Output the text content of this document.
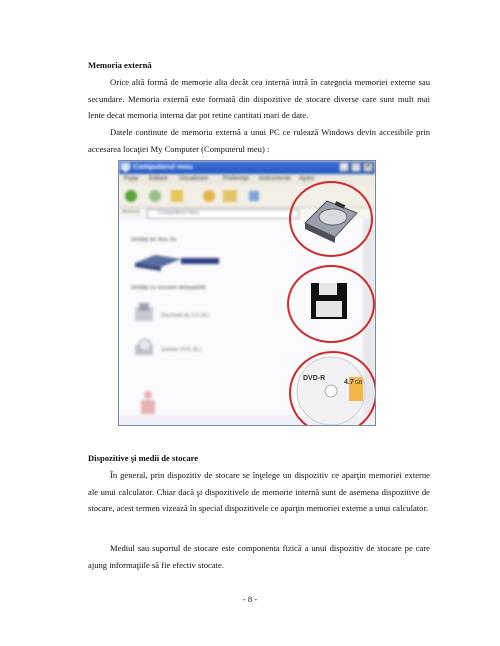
Memoria externă
Orice altă formă de memorie alta decât cea internă intră în categoria memoriei externe sau secundare. Memoria externă este formată din dispozitive de stocare diverse care sunt mult mai lente decat memoria interna dar pot retine cantitati mari de date.
Datele continute de memoria externă a unui PC ce rulează Windows devin accesibile prin accesarea locaţiei My Computer (Computerul meu) :
Computerul meu	_	□	X
Fişier Editare Vizualizare Preferinţe Instrumente Ajutor
Adresă	Computerul meu
Unităţi de disc fix
Unităţi cu stocare detaşabilă
Dischetă de 3,5 (A:)
Unitate DVD (E:)
DVD-R
4.7 GB
Dispozitive şi medii de stocare
În general, prin dispozitiv de stocare se înţelege un dispozitiv ce aparţin memoriei externe ale unui calculator. Chiar dacă şi dispozitivele de memorie internă sunt de asemena dispozitive de stocare, acest termen vizează în special dispozitivele ce aparţin memoriei externe a unui calculator.
Mediul sau suportul de stocare este componenta fizică a unui dispozitiv de stocare pe care ajung informaţiile să fie efectiv stocate.
- 8 -
